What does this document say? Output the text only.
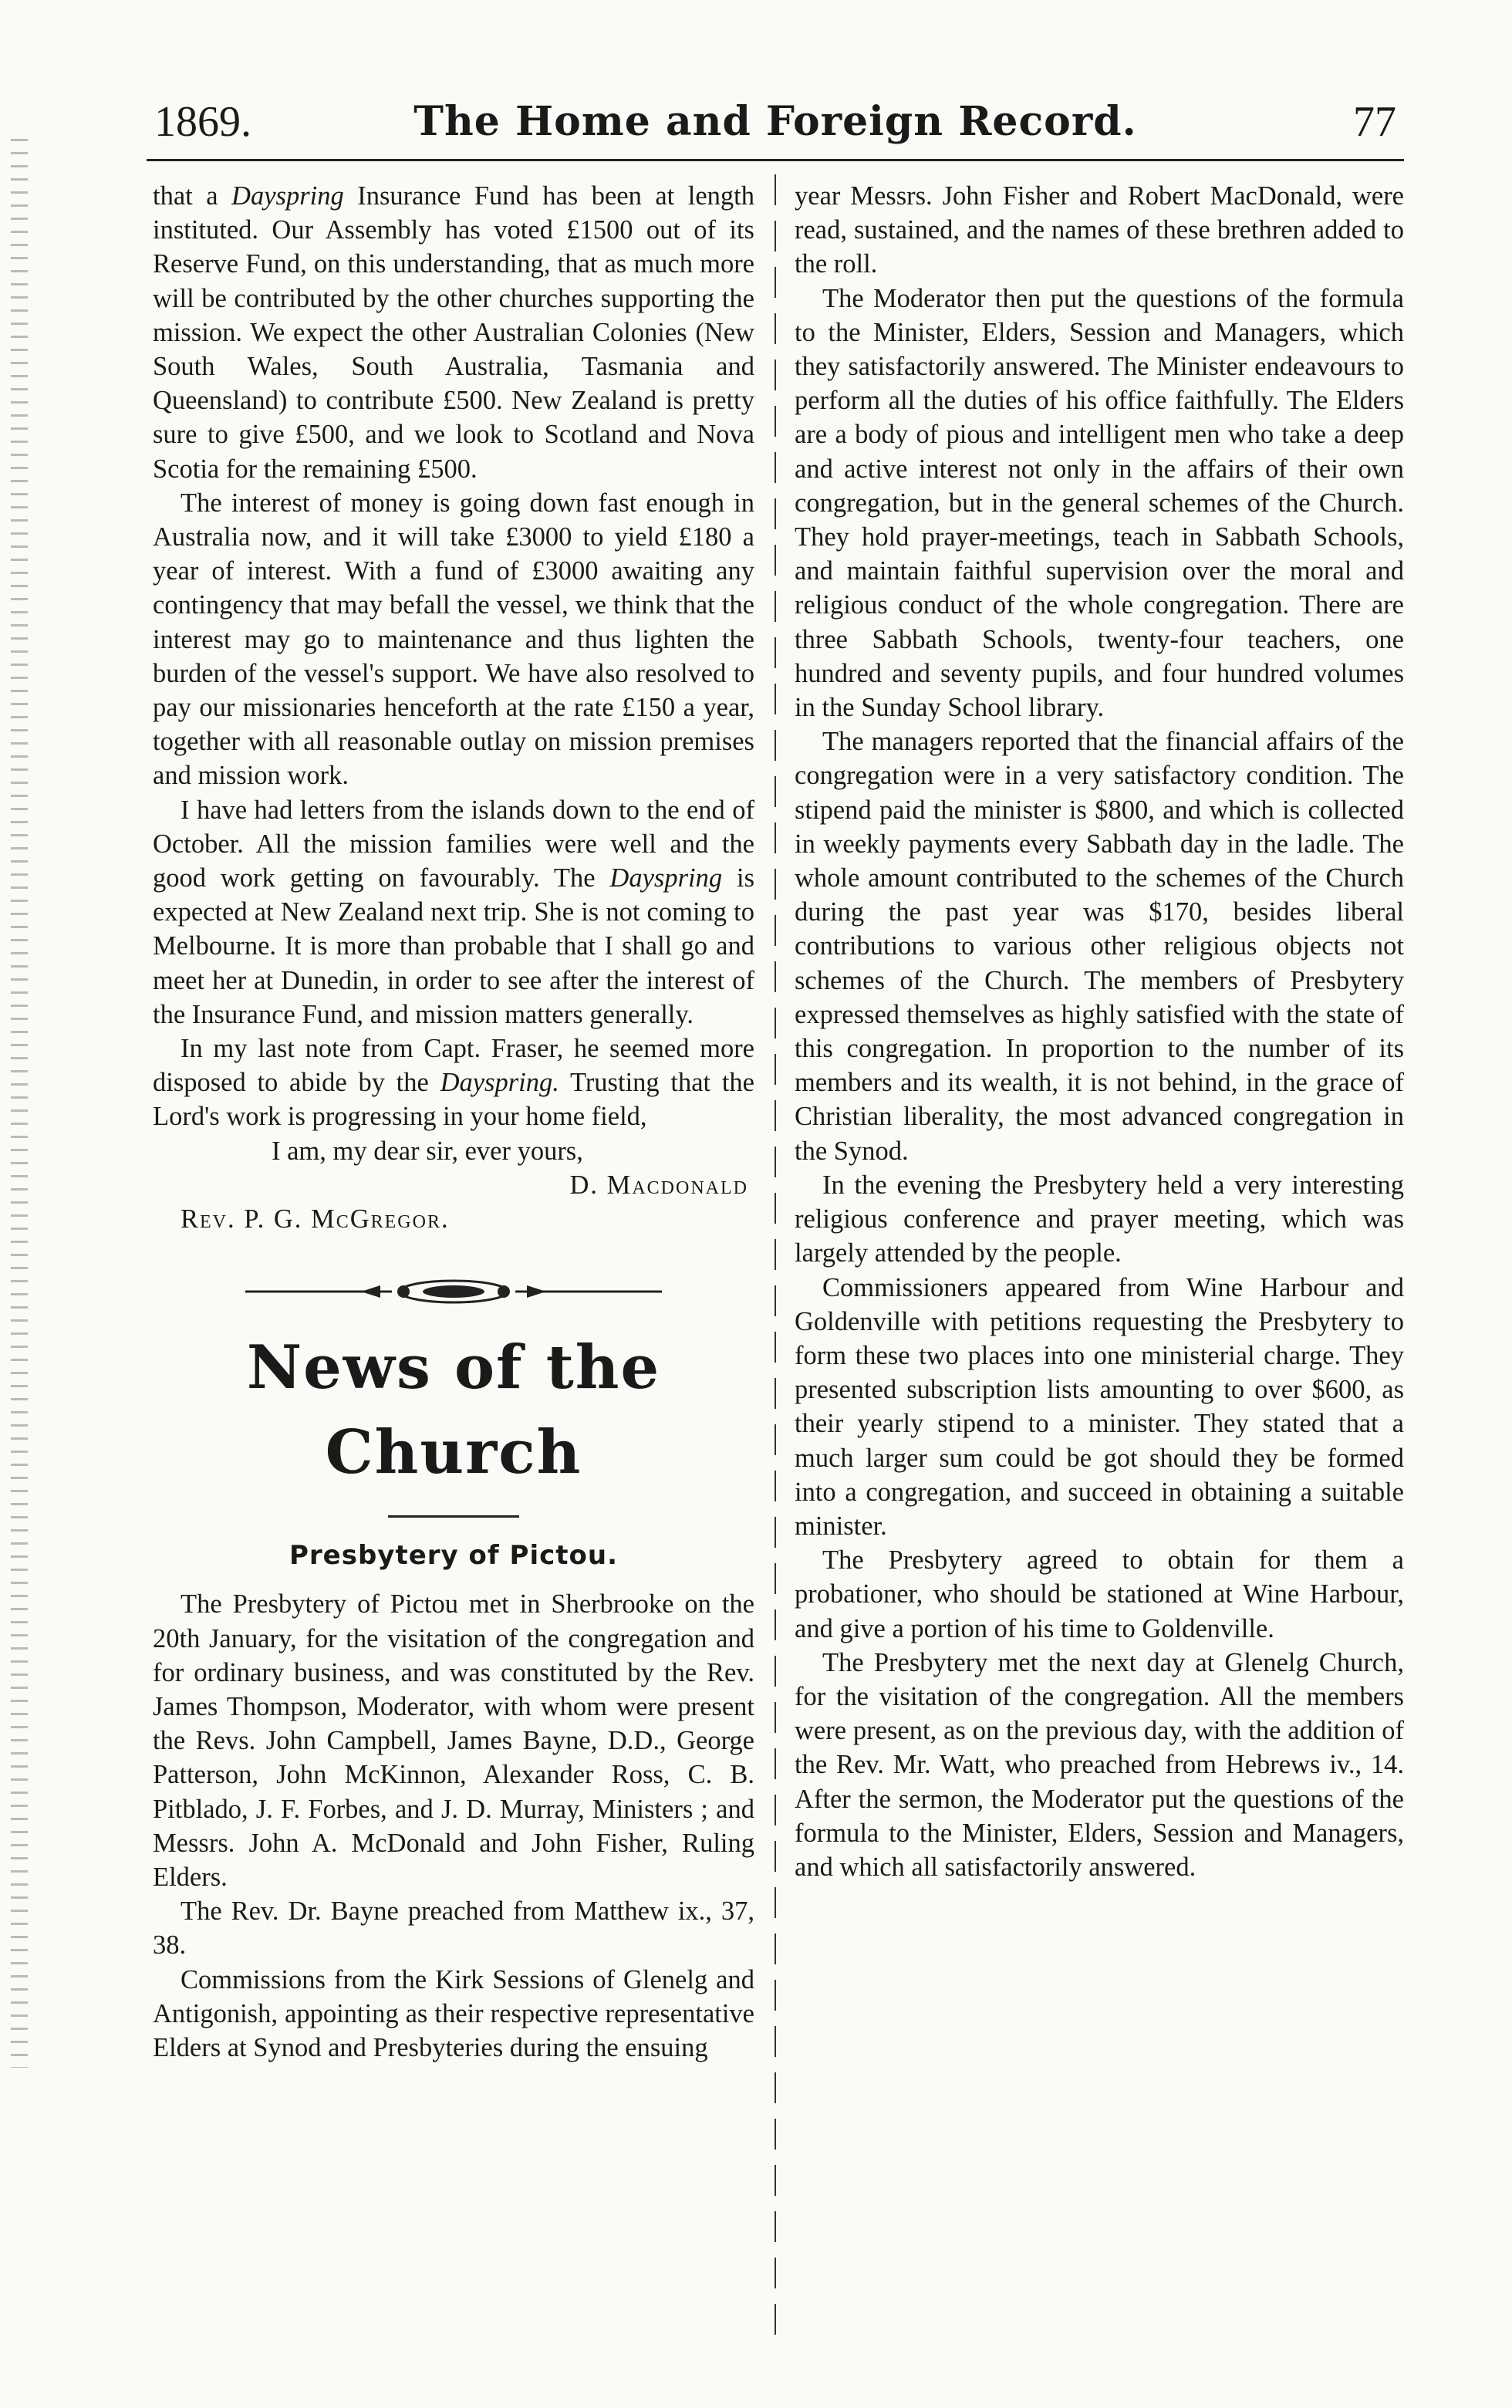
1869.	The Home and Foreign Record.	77

that a Dayspring Insurance Fund has been at length instituted. Our Assembly has voted £1500 out of its Reserve Fund, on this understanding, that as much more will be contributed by the other churches supporting the mission. We expect the other Australian Colonies (New South Wales, South Australia, Tasmania and Queensland) to contribute £500. New Zealand is pretty sure to give £500, and we look to Scotland and Nova Scotia for the remaining £500.

The interest of money is going down fast enough in Australia now, and it will take £3000 to yield £180 a year of interest. With a fund of £3000 awaiting any contingency that may befall the vessel, we think that the interest may go to maintenance and thus lighten the burden of the vessel's support. We have also resolved to pay our missionaries henceforth at the rate £150 a year, together with all reasonable outlay on mission premises and mission work.

I have had letters from the islands down to the end of October. All the mission families were well and the good work getting on favourably. The Dayspring is expected at New Zealand next trip. She is not coming to Melbourne. It is more than probable that I shall go and meet her at Dunedin, in order to see after the interest of the Insurance Fund, and mission matters generally.

In my last note from Capt. Fraser, he seemed more disposed to abide by the Dayspring. Trusting that the Lord's work is progressing in your home field,

I am, my dear sir, ever yours,

D. Macdonald

Rev. P. G. McGregor.

News of the Church
Presbytery of Pictou.

The Presbytery of Pictou met in Sherbrooke on the 20th January, for the visitation of the congregation and for ordinary business, and was constituted by the Rev. James Thompson, Moderator, with whom were present the Revs. John Campbell, James Bayne, D.D., George Patterson, John McKinnon, Alexander Ross, C. B. Pitblado, J. F. Forbes, and J. D. Murray, Ministers ; and Messrs. John A. McDonald and John Fisher, Ruling Elders.

The Rev. Dr. Bayne preached from Matthew ix., 37, 38.

Commissions from the Kirk Sessions of Glenelg and Antigonish, appointing as their respective representative Elders at Synod and Presbyteries during the ensuing

year Messrs. John Fisher and Robert MacDonald, were read, sustained, and the names of these brethren added to the roll.

The Moderator then put the questions of the formula to the Minister, Elders, Session and Managers, which they satisfactorily answered. The Minister endeavours to perform all the duties of his office faithfully. The Elders are a body of pious and intelligent men who take a deep and active interest not only in the affairs of their own congregation, but in the general schemes of the Church. They hold prayer-meetings, teach in Sabbath Schools, and maintain faithful supervision over the moral and religious conduct of the whole congregation. There are three Sabbath Schools, twenty-four teachers, one hundred and seventy pupils, and four hundred volumes in the Sunday School library.

The managers reported that the financial affairs of the congregation were in a very satisfactory condition. The stipend paid the minister is $800, and which is collected in weekly payments every Sabbath day in the ladle. The whole amount contributed to the schemes of the Church during the past year was $170, besides liberal contributions to various other religious objects not schemes of the Church. The members of Presbytery expressed themselves as highly satisfied with the state of this congregation. In proportion to the number of its members and its wealth, it is not behind, in the grace of Christian liberality, the most advanced congregation in the Synod.

In the evening the Presbytery held a very interesting religious conference and prayer meeting, which was largely attended by the people.

Commissioners appeared from Wine Harbour and Goldenville with petitions requesting the Presbytery to form these two places into one ministerial charge. They presented subscription lists amounting to over $600, as their yearly stipend to a minister. They stated that a much larger sum could be got should they be formed into a congregation, and succeed in obtaining a suitable minister.

The Presbytery agreed to obtain for them a probationer, who should be stationed at Wine Harbour, and give a portion of his time to Goldenville.

The Presbytery met the next day at Glenelg Church, for the visitation of the congregation. All the members were present, as on the previous day, with the addition of the Rev. Mr. Watt, who preached from Hebrews iv., 14. After the sermon, the Moderator put the questions of the formula to the Minister, Elders, Session and Managers, and which all satisfactorily answered.
